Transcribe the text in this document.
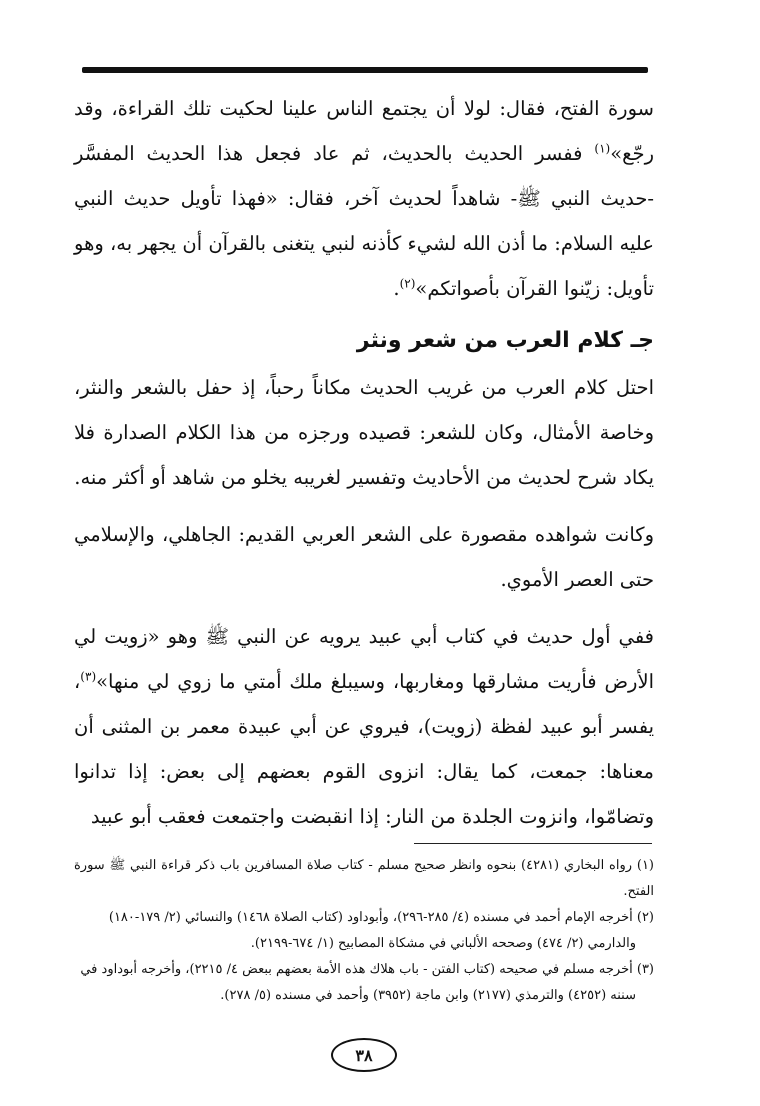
سورة الفتح، فقال: لولا أن يجتمع الناس علينا لحكيت تلك القراءة، وقد رجّع»$^{(١)}$ ففسر الحديث بالحديث، ثم عاد فجعل هذا الحديث المفسَّر -حديث النبي ﷺ- شاهداً لحديث آخر، فقال: «فهذا تأويل حديث النبي عليه السلام: ما أذن الله لشيء كأذنه لنبي يتغنى بالقرآن أن يجهر به، وهو تأويل: زيّنوا القرآن بأصواتكم»$^{(٢)}$.

جـ كلام العرب من شعر ونثر

احتل كلام العرب من غريب الحديث مكاناً رحباً، إذ حفل بالشعر والنثر، وخاصة الأمثال، وكان للشعر: قصيده ورجزه من هذا الكلام الصدارة فلا يكاد شرح لحديث من الأحاديث وتفسير لغريبه يخلو من شاهد أو أكثر منه.

وكانت شواهده مقصورة على الشعر العربي القديم: الجاهلي، والإسلامي حتى العصر الأموي.

ففي أول حديث في كتاب أبي عبيد يرويه عن النبي ﷺ وهو «زويت لي الأرض فأريت مشارقها ومغاربها، وسيبلغ ملك أمتي ما زوي لي منها»$^{(٣)}$، يفسر أبو عبيد لفظة (زويت)، فيروي عن أبي عبيدة معمر بن المثنى أن معناها: جمعت، كما يقال: انزوى القوم بعضهم إلى بعض: إذا تدانوا وتضامّوا، وانزوت الجلدة من النار: إذا انقبضت واجتمعت فعقب أبو عبيد

(١) رواه البخاري (٤٢٨١) بنحوه وانظر صحيح مسلم - كتاب صلاة المسافرين باب ذكر قراءة النبي ﷺ سورة الفتح.

(٢) أخرجه الإمام أحمد في مسنده (٤/ ٢٨٥-٢٩٦)، وأبوداود (كتاب الصلاة ١٤٦٨) والنسائي (٢/ ١٧٩-١٨٠)

والدارمي (٢/ ٤٧٤) وصححه الألباني في مشكاة المصابيح (١/ ٦٧٤-٢١٩٩).

(٣) أخرجه مسلم في صحيحه (كتاب الفتن - باب هلاك هذه الأمة بعضهم ببعض ٤/ ٢٢١٥)، وأخرجه أبوداود في

سننه (٤٢٥٢) والترمذي (٢١٧٧) وابن ماجة (٣٩٥٢) وأحمد في مسنده (٥/ ٢٧٨).

٣٨
